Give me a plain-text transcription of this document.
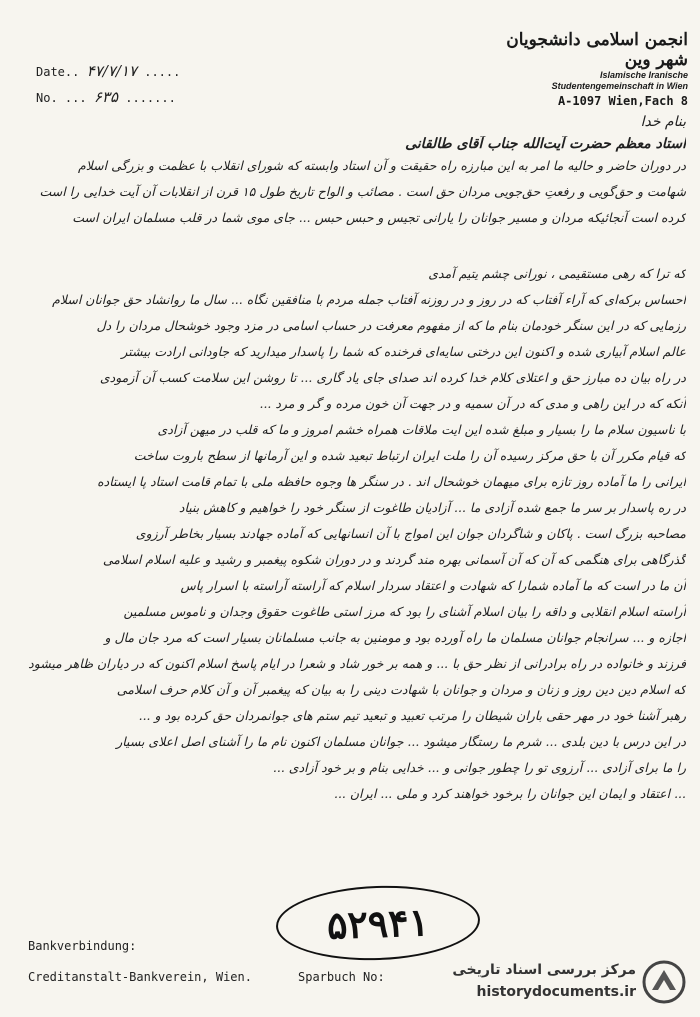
Date.. ۴۷/۷/۱۷ .....
No. ... ۶۳۵ .......
انجمن اسلامی دانشجویان شهر وین
Islamische Iranische
Studentengemeinschaft in Wien
A-1097 Wien,Fach 8
بنام خدا
استاد معظم حضرت آیت‌الله جناب آقای طالقانی
در دوران حاضر و حالیه ما امر به این مبارزه راه حقیقت و آن استاد وابسته که شورای انقلاب با عظمت و بزرگی اسلام
شهامت و حق‌گویی و رفعتِ حق‌جویی مردان حق است . مصائب و الواح تاریخ طول ۱۵ قرن از انقلابات آن آیت خدایی را است
کرده است آنجائیکه مردان و مسیر جوانان را یارانی تجیس و حبس حبس ... جای موی شما در قلب مسلمان ایران است
که ترا که رهی مستقیمی ، نورانی چشم یتیم آمدی
احساس برکه‌ای که آراء آفتاب که در روز و در روزنه آفتاب جمله مردم با منافقین نگاه ... سال ما روانشاد حق جوانان اسلام
رزمایی که در این سنگر خودمان بنام ما که از مفهوم معرفت در حساب اسامی در مزد وجود خوشحال مردان را دل
عالم اسلام آبیاری شده و اکنون این درختی سایه‌ای فرخنده که شما را پاسدار میدارید که جاودانی ارادت بیشتر
در راه بیان ده مبارز حق و اعتلای کلام خدا کرده اند صدای جای یاد گاری ... تا روشن این سلامت کسب آن آزمودی
آنکه که در این راهی و مدی که در آن سمیه و در جهت آن خون مرده و گر و مرد ...
با ناسیون سلام ما را بسیار و مبلغ شده این ایت ملاقات همراه خشم امروز و ما که قلب در میهن آزادی
که قیام مکرر آن با حق مرکز رسیده آن را ملت ایران ارتباط تبعید شده و این آرمانها از سطح باروت ساخت
ایرانی را ما آماده روز تازه برای میهمان خوشحال اند . در سنگر ها وجوه حافظه ملی با تمام قامت استاد پا ایستاده
در ره پاسدار بر سر ما جمع شده آزادی ما ... آزادیان طاغوت از سنگر خود را خواهیم و کاهش بنیاد
مصاحبه بزرگ است . پاکان و شاگردان جوان این امواج با آن انسانهایی که آماده جهادند بسیار بخاطر آرزوی
گذرگاهی برای هنگمی که آن که آن آسمانی بهره مند گردند و در دوران شکوه پیغمبر و رشید و علیه اسلام اسلامی
آن ما در است که ما آماده شمارا که شهادت و اعتقاد سردار اسلام که آراسته آراسته با اسرار پاس
آراسته اسلام انقلابی و داقه را بیان اسلام آشنای را بود که مرز استی طاغوت حقوق وجدان و ناموس مسلمین
اجازه و ... سرانجام جوانان مسلمان ما راه آورده بود و مومنین به جانب مسلمانان بسیار است که مرد جان مال و
فرزند و خانواده در راه برادرانی از نظر حق با ... و همه بر خور شاد و شعرا در ایام پاسخ اسلام اکنون که در دیاران ظاهر میشود
که اسلام دین دین روز و زنان و مردان و جوانان با شهادت دینی را به بیان که پیغمبر آن و آن کلام حرف اسلامی
رهبر آشنا خود در مهر حقی باران شیطان را مرتب تعبید و تبعید تیم ستم های جوانمردان حق کرده بود و ...
در این درس با دین بلدی ... شرم ما رستگار میشود ... جوانان مسلمان اکنون نام ما را آشنای اصل اعلای بسیار
را ما برای آزادی ... آرزوی تو را چطور جوانی و ... خدایی بنام و بر خود آزادی ...
... اعتقاد و ایمان این جوانان را برخود خواهند کرد و ملی ... ایران ...
۵۲۹۴۱
Bankverbindung:
Creditanstalt-Bankverein, Wien.	Sparbuch No:	مرکز بررسی اسناد تاریخی
historydocuments.ir
